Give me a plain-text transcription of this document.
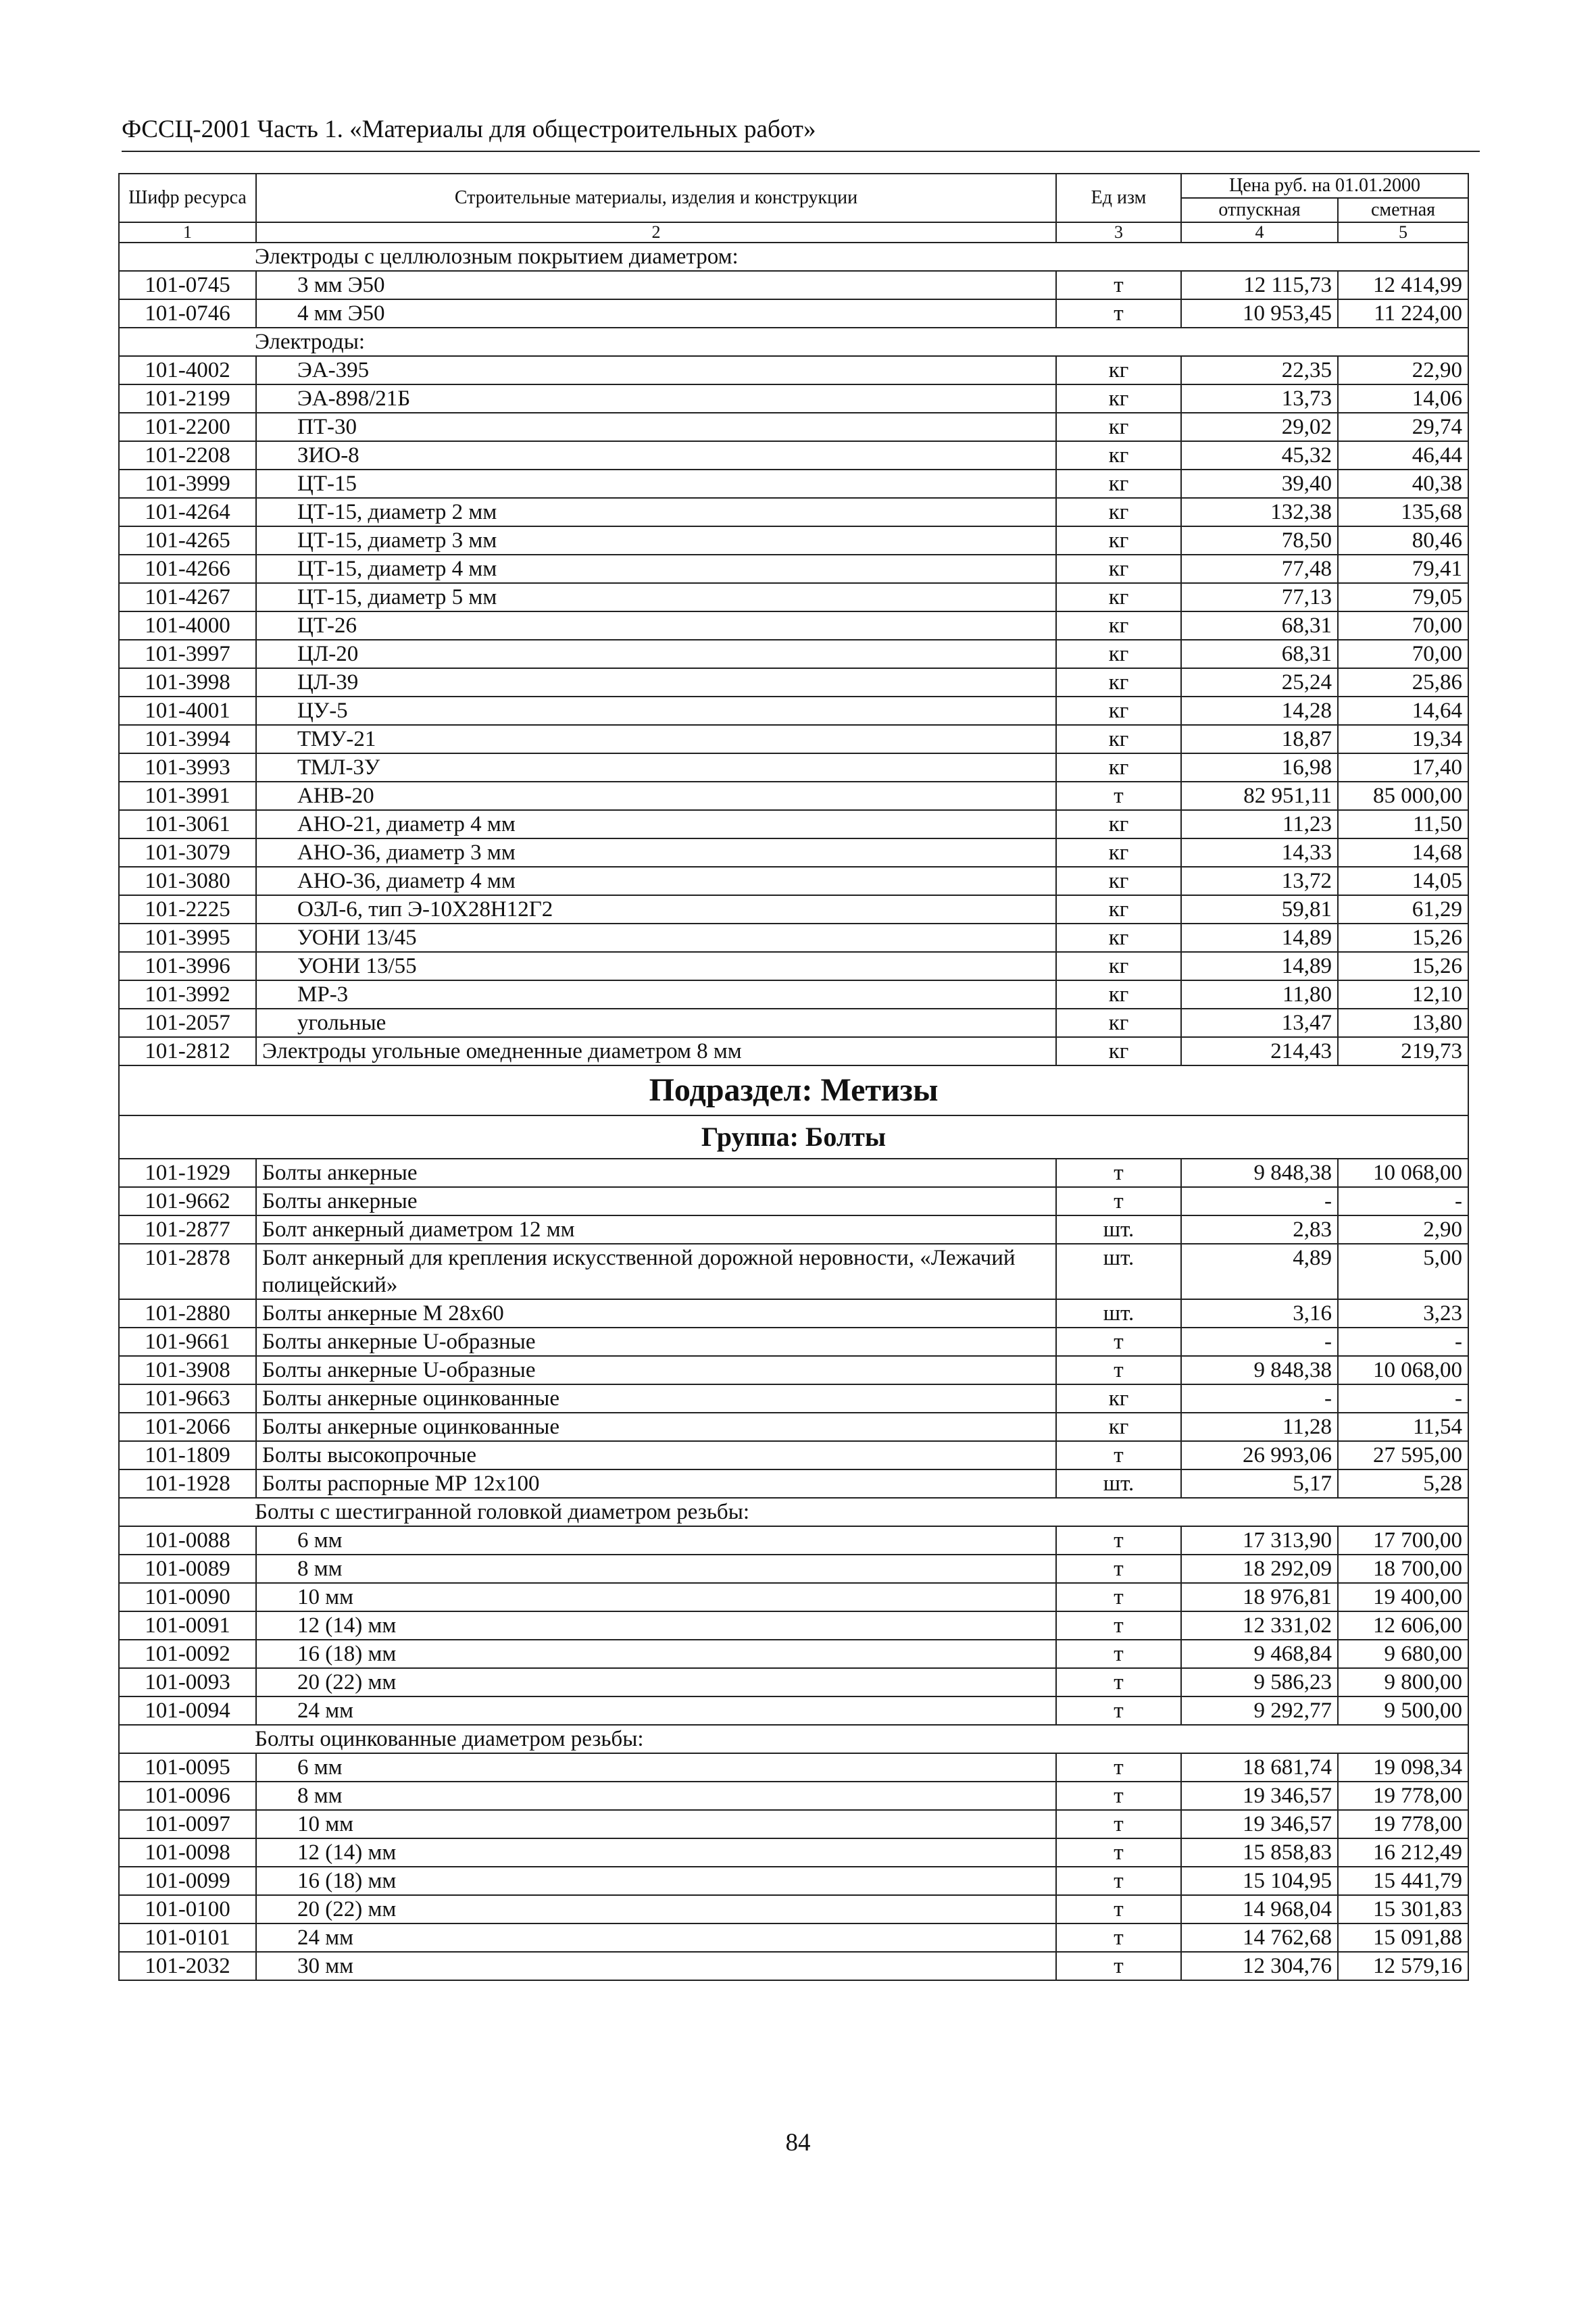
ФССЦ-2001 Часть 1. «Материалы для общестроительных работ»
Шифр ресурса	Строительные материалы, изделия и конструкции	Ед изм	Цена руб. на 01.01.2000	
			отпускная	сметная
1	2	3	4	5
Электроды с целлюлозным покрытием диаметром:				
101-0745	3 мм Э50	т	12 115,73	12 414,99
101-0746	4 мм Э50	т	10 953,45	11 224,00
Электроды:				
101-4002	ЭА-395	кг	22,35	22,90
101-2199	ЭА-898/21Б	кг	13,73	14,06
101-2200	ПТ-30	кг	29,02	29,74
101-2208	ЗИО-8	кг	45,32	46,44
101-3999	ЦТ-15	кг	39,40	40,38
101-4264	ЦТ-15, диаметр 2 мм	кг	132,38	135,68
101-4265	ЦТ-15, диаметр 3 мм	кг	78,50	80,46
101-4266	ЦТ-15, диаметр 4 мм	кг	77,48	79,41
101-4267	ЦТ-15, диаметр 5 мм	кг	77,13	79,05
101-4000	ЦТ-26	кг	68,31	70,00
101-3997	ЦЛ-20	кг	68,31	70,00
101-3998	ЦЛ-39	кг	25,24	25,86
101-4001	ЦУ-5	кг	14,28	14,64
101-3994	ТМУ-21	кг	18,87	19,34
101-3993	ТМЛ-3У	кг	16,98	17,40
101-3991	АНВ-20	т	82 951,11	85 000,00
101-3061	АНО-21, диаметр 4 мм	кг	11,23	11,50
101-3079	АНО-36, диаметр 3 мм	кг	14,33	14,68
101-3080	АНО-36, диаметр 4 мм	кг	13,72	14,05
101-2225	ОЗЛ-6, тип Э-10Х28Н12Г2	кг	59,81	61,29
101-3995	УОНИ 13/45	кг	14,89	15,26
101-3996	УОНИ 13/55	кг	14,89	15,26
101-3992	МР-3	кг	11,80	12,10
101-2057	угольные	кг	13,47	13,80
101-2812	Электроды угольные омедненные диаметром 8 мм	кг	214,43	219,73
Подраздел: Метизы				
Группа: Болты				
101-1929	Болты анкерные	т	9 848,38	10 068,00
101-9662	Болты анкерные	т	-	-
101-2877	Болт анкерный диаметром 12 мм	шт.	2,83	2,90
101-2878	Болт анкерный для крепления искусственной дорожной неровности, «Лежачий полицейский»	шт.	4,89	5,00
101-2880	Болты анкерные М 28х60	шт.	3,16	3,23
101-9661	Болты анкерные U-образные	т	-	-
101-3908	Болты анкерные U-образные	т	9 848,38	10 068,00
101-9663	Болты анкерные оцинкованные	кг	-	-
101-2066	Болты анкерные оцинкованные	кг	11,28	11,54
101-1809	Болты высокопрочные	т	26 993,06	27 595,00
101-1928	Болты распорные МР 12х100	шт.	5,17	5,28
Болты с шестигранной головкой диаметром резьбы:				
101-0088	6 мм	т	17 313,90	17 700,00
101-0089	8 мм	т	18 292,09	18 700,00
101-0090	10 мм	т	18 976,81	19 400,00
101-0091	12 (14) мм	т	12 331,02	12 606,00
101-0092	16 (18) мм	т	9 468,84	9 680,00
101-0093	20 (22) мм	т	9 586,23	9 800,00
101-0094	24 мм	т	9 292,77	9 500,00
Болты оцинкованные диаметром резьбы:				
101-0095	6 мм	т	18 681,74	19 098,34
101-0096	8 мм	т	19 346,57	19 778,00
101-0097	10 мм	т	19 346,57	19 778,00
101-0098	12 (14) мм	т	15 858,83	16 212,49
101-0099	16 (18) мм	т	15 104,95	15 441,79
101-0100	20 (22) мм	т	14 968,04	15 301,83
101-0101	24 мм	т	14 762,68	15 091,88
101-2032	30 мм	т	12 304,76	12 579,16
84
